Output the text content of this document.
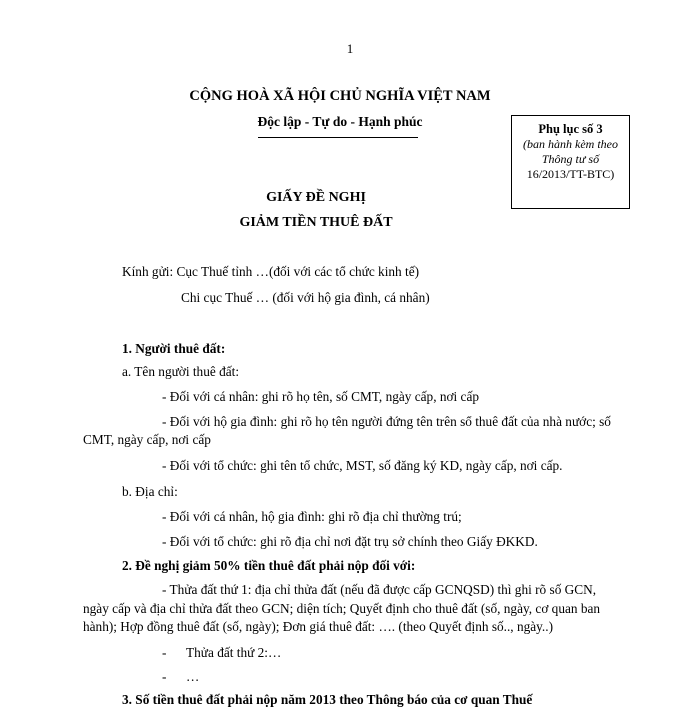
1
CỘNG HOÀ XÃ HỘI CHỦ NGHĨA VIỆT NAM
Độc lập - Tự do - Hạnh phúc	Phụ lục số 3
(ban hành kèm theo
Thông tư số
16/2013/TT-BTC)
GIẤY ĐỀ NGHỊ
GIẢM TIỀN THUÊ ĐẤT
Kính gửi: Cục Thuế tỉnh …(đối với các tổ chức kinh tế)
Chi cục Thuế … (đối với hộ gia đình, cá nhân)
1. Người thuê đất:
a. Tên người thuê đất:
- Đối với cá nhân: ghi rõ họ tên, số CMT, ngày cấp, nơi cấp
- Đối với hộ gia đình: ghi rõ họ tên người đứng tên trên sổ thuê đất của nhà nước; số
CMT, ngày cấp, nơi cấp
- Đối với tổ chức: ghi tên tổ chức, MST, số đăng ký KD, ngày cấp, nơi cấp.
b. Địa chỉ:
- Đối với cá nhân, hộ gia đình: ghi rõ địa chỉ thường trú;
- Đối với tổ chức: ghi rõ địa chỉ nơi đặt trụ sở chính theo Giấy ĐKKD.
2. Đề nghị giảm 50% tiền thuê đất phải nộp đối với:
- Thửa đất thứ 1: địa chỉ thửa đất (nếu đã được cấp GCNQSD) thì ghi rõ số GCN,
ngày cấp và địa chỉ thửa đất theo GCN; diện tích; Quyết định cho thuê đất (số, ngày, cơ quan ban
hành); Hợp đồng thuê đất (số, ngày); Đơn giá thuê đất: …. (theo Quyết định số.., ngày..)
- Thửa đất thứ 2:…
- …
3. Số tiền thuê đất phải nộp năm 2013 theo Thông báo của cơ quan Thuế
